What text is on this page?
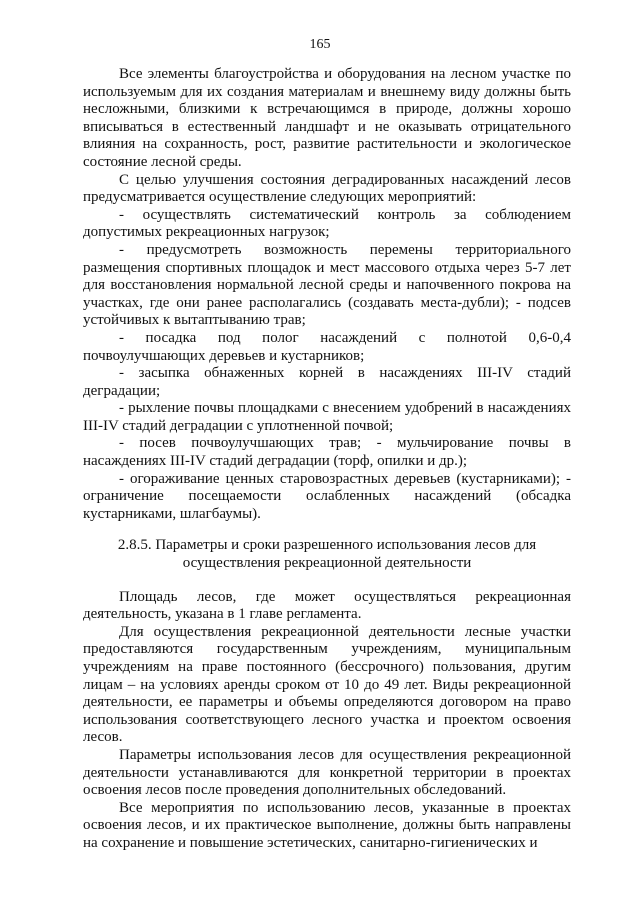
165

Все элементы благоустройства и оборудования на лесном участке по используемым для их создания материалам и внешнему виду должны быть несложными, близкими к встречающимся в природе, должны хорошо вписываться в естественный ландшафт и не оказывать отрицательного влияния на сохранность, рост, развитие растительности и экологическое состояние лесной среды.

С целью улучшения состояния деградированных насаждений лесов предусматривается осуществление следующих мероприятий:

- осуществлять систематический контроль за соблюдением допустимых рекреационных нагрузок;

- предусмотреть возможность перемены территориального размещения спортивных площадок и мест массового отдыха через 5-7 лет для восстановления нормальной лесной среды и напочвенного покрова на участках, где они ранее располагались (создавать места-дубли); - подсев устойчивых к вытаптыванию трав;

- посадка под полог насаждений с полнотой 0,6-0,4 почвоулучшающих деревьев и кустарников;

- засыпка обнаженных корней в насаждениях III-IV стадий деградации;

- рыхление почвы площадками с внесением удобрений в насаждениях III-IV стадий деградации с уплотненной почвой;

- посев почвоулучшающих трав; - мульчирование почвы в насаждениях III-IV стадий деградации (торф, опилки и др.);

- огораживание ценных старовозрастных деревьев (кустарниками); - ограничение посещаемости ослабленных насаждений (обсадка кустарниками, шлагбаумы).

2.8.5. Параметры и сроки разрешенного использования лесов для
осуществления рекреационной деятельности

Площадь лесов, где может осуществляться рекреационная деятельность, указана в 1 главе регламента.

Для осуществления рекреационной деятельности лесные участки предоставляются государственным учреждениям, муниципальным учреждениям на праве постоянного (бессрочного) пользования, другим лицам – на условиях аренды сроком от 10 до 49 лет. Виды рекреационной деятельности, ее параметры и объемы определяются договором на право использования соответствующего лесного участка и проектом освоения лесов.

Параметры использования лесов для осуществления рекреационной деятельности устанавливаются для конкретной территории в проектах освоения лесов после проведения дополнительных обследований.

Все мероприятия по использованию лесов, указанные в проектах освоения лесов, и их практическое выполнение, должны быть направлены на сохранение и повышение эстетических, санитарно-гигиенических и
